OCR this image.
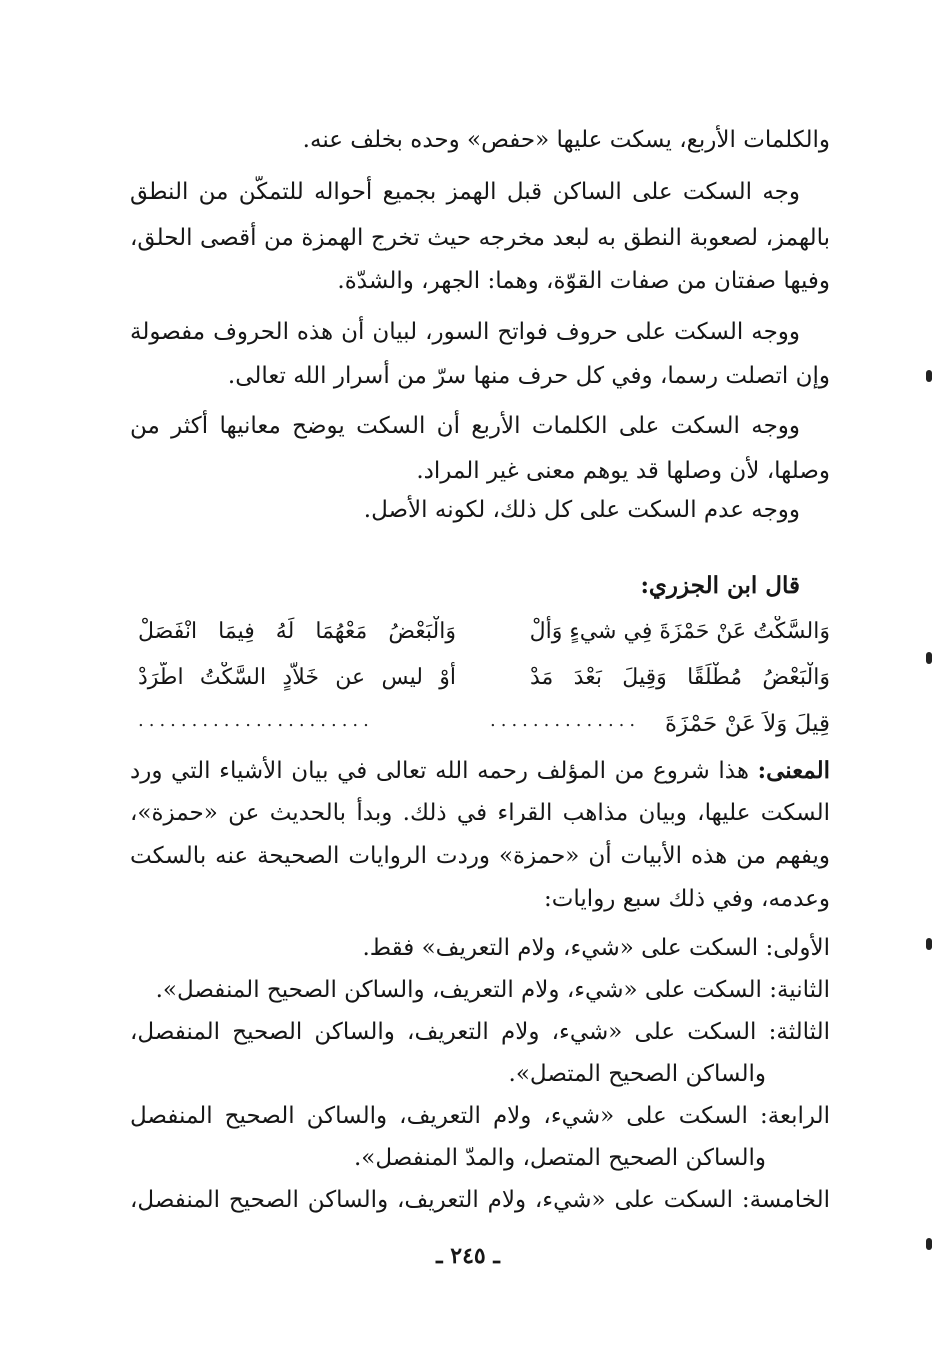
والكلمات الأربع، يسكت عليها «حفص» وحده بخلف عنه.
وجه السكت على الساكن قبل الهمز بجميع أحواله للتمكّن من النطق
بالهمز، لصعوبة النطق به لبعد مخرجه حيث تخرج الهمزة من أقصى الحلق،
وفيها صفتان من صفات القوّة، وهما: الجهر، والشدّة.
ووجه السكت على حروف فواتح السور، لبيان أن هذه الحروف مفصولة
وإن اتصلت رسما، وفي كل حرف منها سرّ من أسرار الله تعالى.
ووجه السكت على الكلمات الأربع أن السكت يوضح معانيها أكثر من
وصلها، لأن وصلها قد يوهم معنى غير المراد.
ووجه عدم السكت على كل ذلك، لكونه الأصل.
قال ابن الجزري:
وَالسَّكْتُ عَنْ حَمْزَةَ فِي شيءٍ وَأَلْ
وَالْبَعْضُ مَعْهُمَا لَهُ فِيمَا انْفَصَلْ
وَالْبَعْضُ مُطْلَقًا وَقِيلَ بَعْدَ مَدْ
أوْ ليس عن خَلاَّدٍ السَّكْتُ اطَّرَدْ
قِيلَ وَلاَ عَنْ حَمْزَةَ
..............
......................
المعنى: هذا شروع من المؤلف رحمه الله تعالى في بيان الأشياء التي ورد
السكت عليها، وبيان مذاهب القراء في ذلك. وبدأ بالحديث عن «حمزة»،
ويفهم من هذه الأبيات أن «حمزة» وردت الروايات الصحيحة عنه بالسكت
وعدمه، وفي ذلك سبع روايات:
الأولى: السكت على «شيء، ولام التعريف» فقط.
الثانية: السكت على «شيء، ولام التعريف، والساكن الصحيح المنفصل».
الثالثة: السكت على «شيء، ولام التعريف، والساكن الصحيح المنفصل،
والساكن الصحيح المتصل».
الرابعة: السكت على «شيء، ولام التعريف، والساكن الصحيح المنفصل
والساكن الصحيح المتصل، والمدّ المنفصل».
الخامسة: السكت على «شيء، ولام التعريف، والساكن الصحيح المنفصل،
ـ ٢٤٥ ـ
